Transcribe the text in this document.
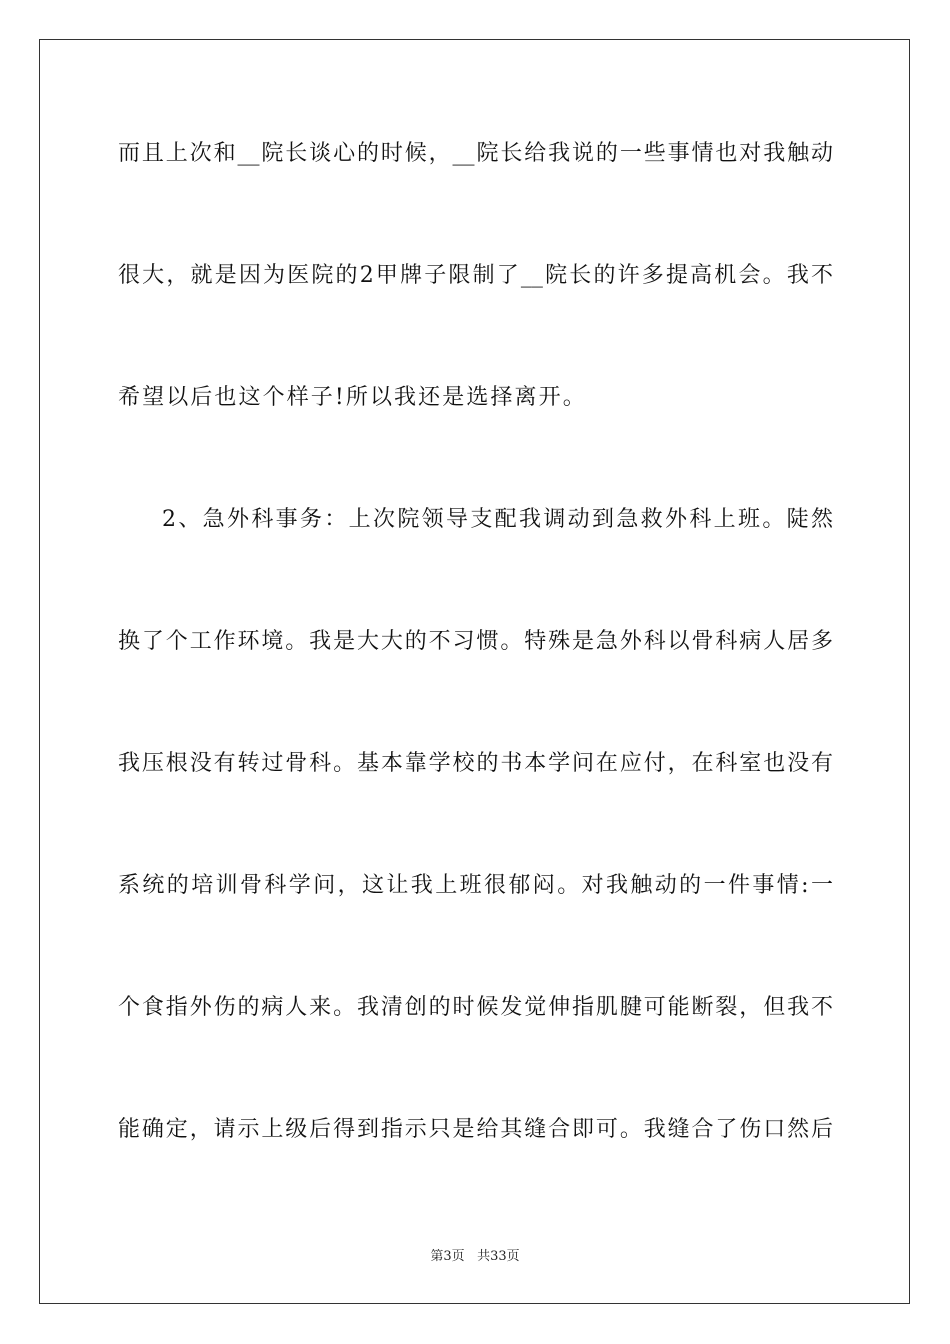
而且上次和__院长谈心的时候，__院长给我说的一些事情也对我触动

很大，就是因为医院的2甲牌子限制了__院长的许多提高机会。我不

希望以后也这个样子!所以我还是选择离开。

2、急外科事务：上次院领导支配我调动到急救外科上班。陡然

换了个工作环境。我是大大的不习惯。特殊是急外科以骨科病人居多

我压根没有转过骨科。基本靠学校的书本学问在应付，在科室也没有

系统的培训骨科学问，这让我上班很郁闷。对我触动的一件事情:一

个食指外伤的病人来。我清创的时候发觉伸指肌腱可能断裂，但我不

能确定，请示上级后得到指示只是给其缝合即可。我缝合了伤口然后

第3页 共33页
